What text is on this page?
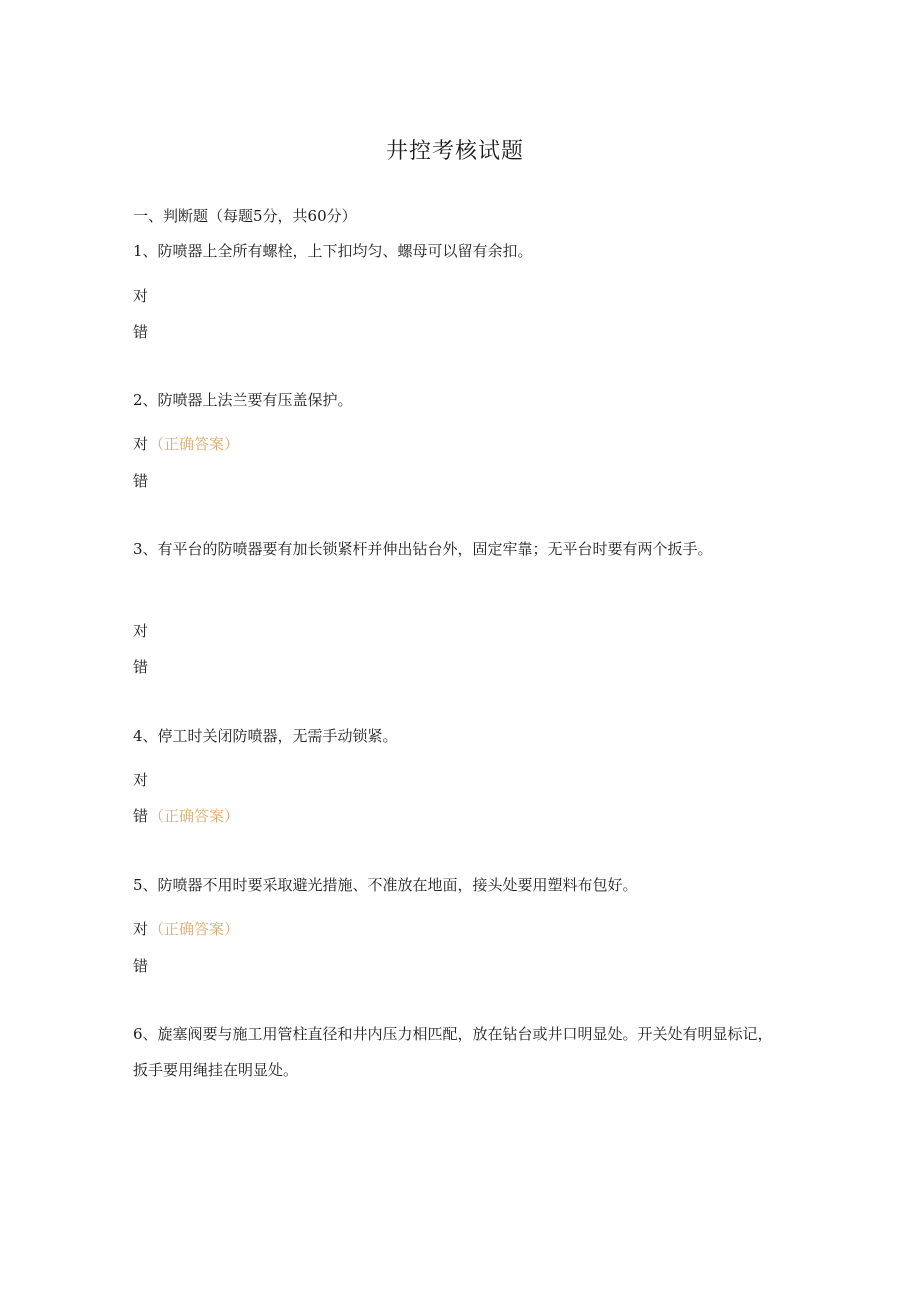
井控考核试题
一、判断题（每题5分，共60分）
1、防喷器上全所有螺栓，上下扣均匀、螺母可以留有余扣。
对
错
2、防喷器上法兰要有压盖保护。
对（正确答案）
错
3、有平台的防喷器要有加长锁紧杆并伸出钻台外，固定牢靠；无平台时要有两个扳手。
对
错
4、停工时关闭防喷器，无需手动锁紧。
对
错（正确答案）
5、防喷器不用时要采取避光措施、不准放在地面，接头处要用塑料布包好。
对（正确答案）
错
6、旋塞阀要与施工用管柱直径和井内压力相匹配，放在钻台或井口明显处。开关处有明显标记，扳手要用绳挂在明显处。
